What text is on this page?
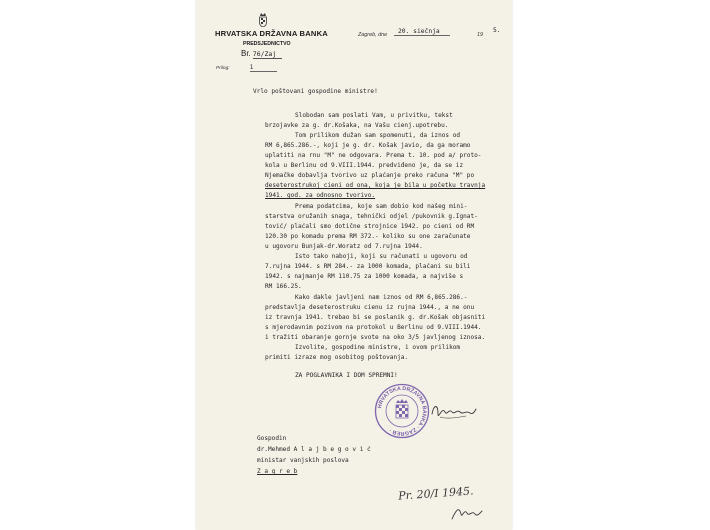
HRVATSKA DRŽAVNA BANKA
PREDSJEDNICTVO
Br. 76/Zaj
Prilog:	1
Zagreb, dne	20. siečnja	19
5.
Vrlo poštovani gospodine ministre!
Slobodan sam poslati Vam, u privitku, tekst
brzojavke za g. dr.Košaka, na Vašu cienj.upotrebu.
Tom prilikom dužan sam spomenuti, da iznos od
RM 6,865.286.-, koji je g. dr. Košak javio, da ga moramo
uplatiti na rnu "M" ne odgovara. Prema t. 10. pod a/ proto-
kola u Berlinu od 9.VIII.1944. predviđeno je, da se iz
Njemačke dobavlja tvorivo uz plaćanje preko računa "M" po
deseterostrukoj cieni od ona, koja je bila u početku travnja
1941. god. za odnosno tvorivo.
Prema podatcima, koje sam dobio kod našeg mini-
starstva oružanih snaga, tehnički odjel /pukovnik g.Ignat-
tović/ plaćali smo dotične strojnice 1942. po cieni od RM
120.30 po komadu prema RM 372.- koliko su one zaračunate
u ugovoru Bunjak-dr.Woratz od 7.rujna 1944.
Isto tako naboji, koji su računati u ugovoru od
7.rujna 1944. s RM 284.- za 1000 komada, plaćani su bili
1942. s najmanje RM 110.75 za 1000 komada, a najviše s
RM 166.25.
Kako dakle javljeni nam iznos od RM 6,865.286.-
predstavlja deseterostruku cienu iz rujna 1944., a ne onu
iz travnja 1941. trebao bi se poslanik g. dr.Košak objasniti
s mjerodavnim pozivom na protokol u Berlinu od 9.VIII.1944.
i tražiti obaranje gornje svote na oko 3/5 javljenog iznosa.
Izvolite, gospodine ministre, i ovom prilikom
primiti izraze mog osobitog poštovanja.
ZA POGLAVNIKA I DOM SPREMNI!
Gospodin
dr.Mehmed A l a j b e g o v i ć
ministar vanjskih poslova
Z a g r e b
HRVATSKA DRŽAVNA BANKA · ZAGREB ·
Pr. 20/I 1945.
